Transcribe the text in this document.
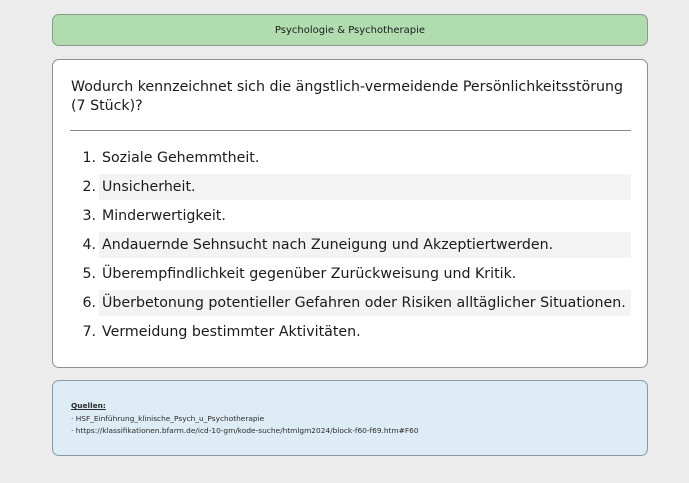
Psychologie & Psychotherapie
Wodurch kennzeichnet sich die ängstlich-vermeidende Persönlichkeitsstörung (7 Stück)?
1. Soziale Gehemmtheit.
2. Unsicherheit.
3. Minderwertigkeit.
4. Andauernde Sehnsucht nach Zuneigung und Akzeptiertwerden.
5. Überempfindlichkeit gegenüber Zurückweisung und Kritik.
6. Überbetonung potentieller Gefahren oder Risiken alltäglicher Situationen.
7. Vermeidung bestimmter Aktivitäten.
Quellen:
· HSF_Einführung_klinische_Psych_u_Psychotherapie
· https://klassifikationen.bfarm.de/icd-10-gm/kode-suche/htmlgm2024/block-f60-f69.htm#F60
